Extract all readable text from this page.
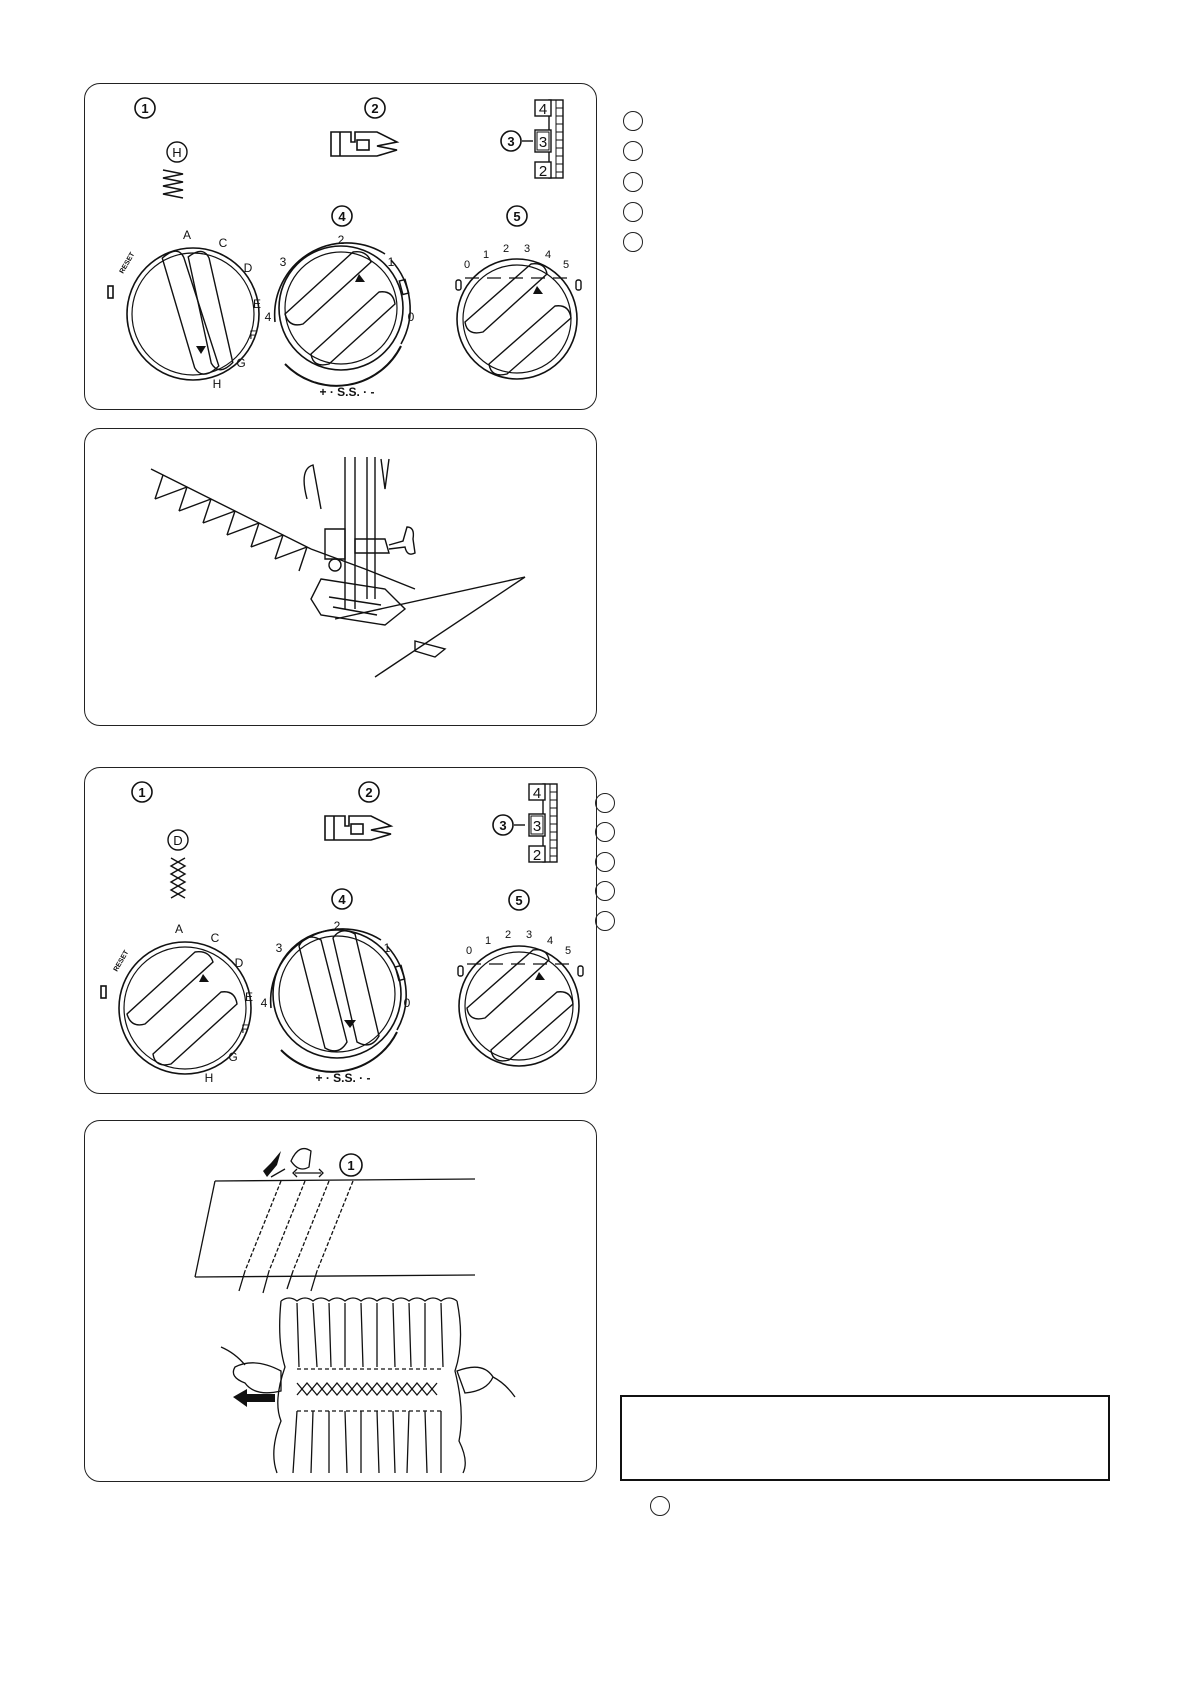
1
H
2
3
4
3
2
4	5
RESET
A
C
D
E
F
G
H
3
2
1
4	0
+ · S.S. · -
0
1 2 3 4
5
1
D
2
3
4
3
2
4	5
RESET
A
C
D
E
F
G
H
3
2
1
4	0
+ · S.S. · -
0
1 2 3 4
5
1
